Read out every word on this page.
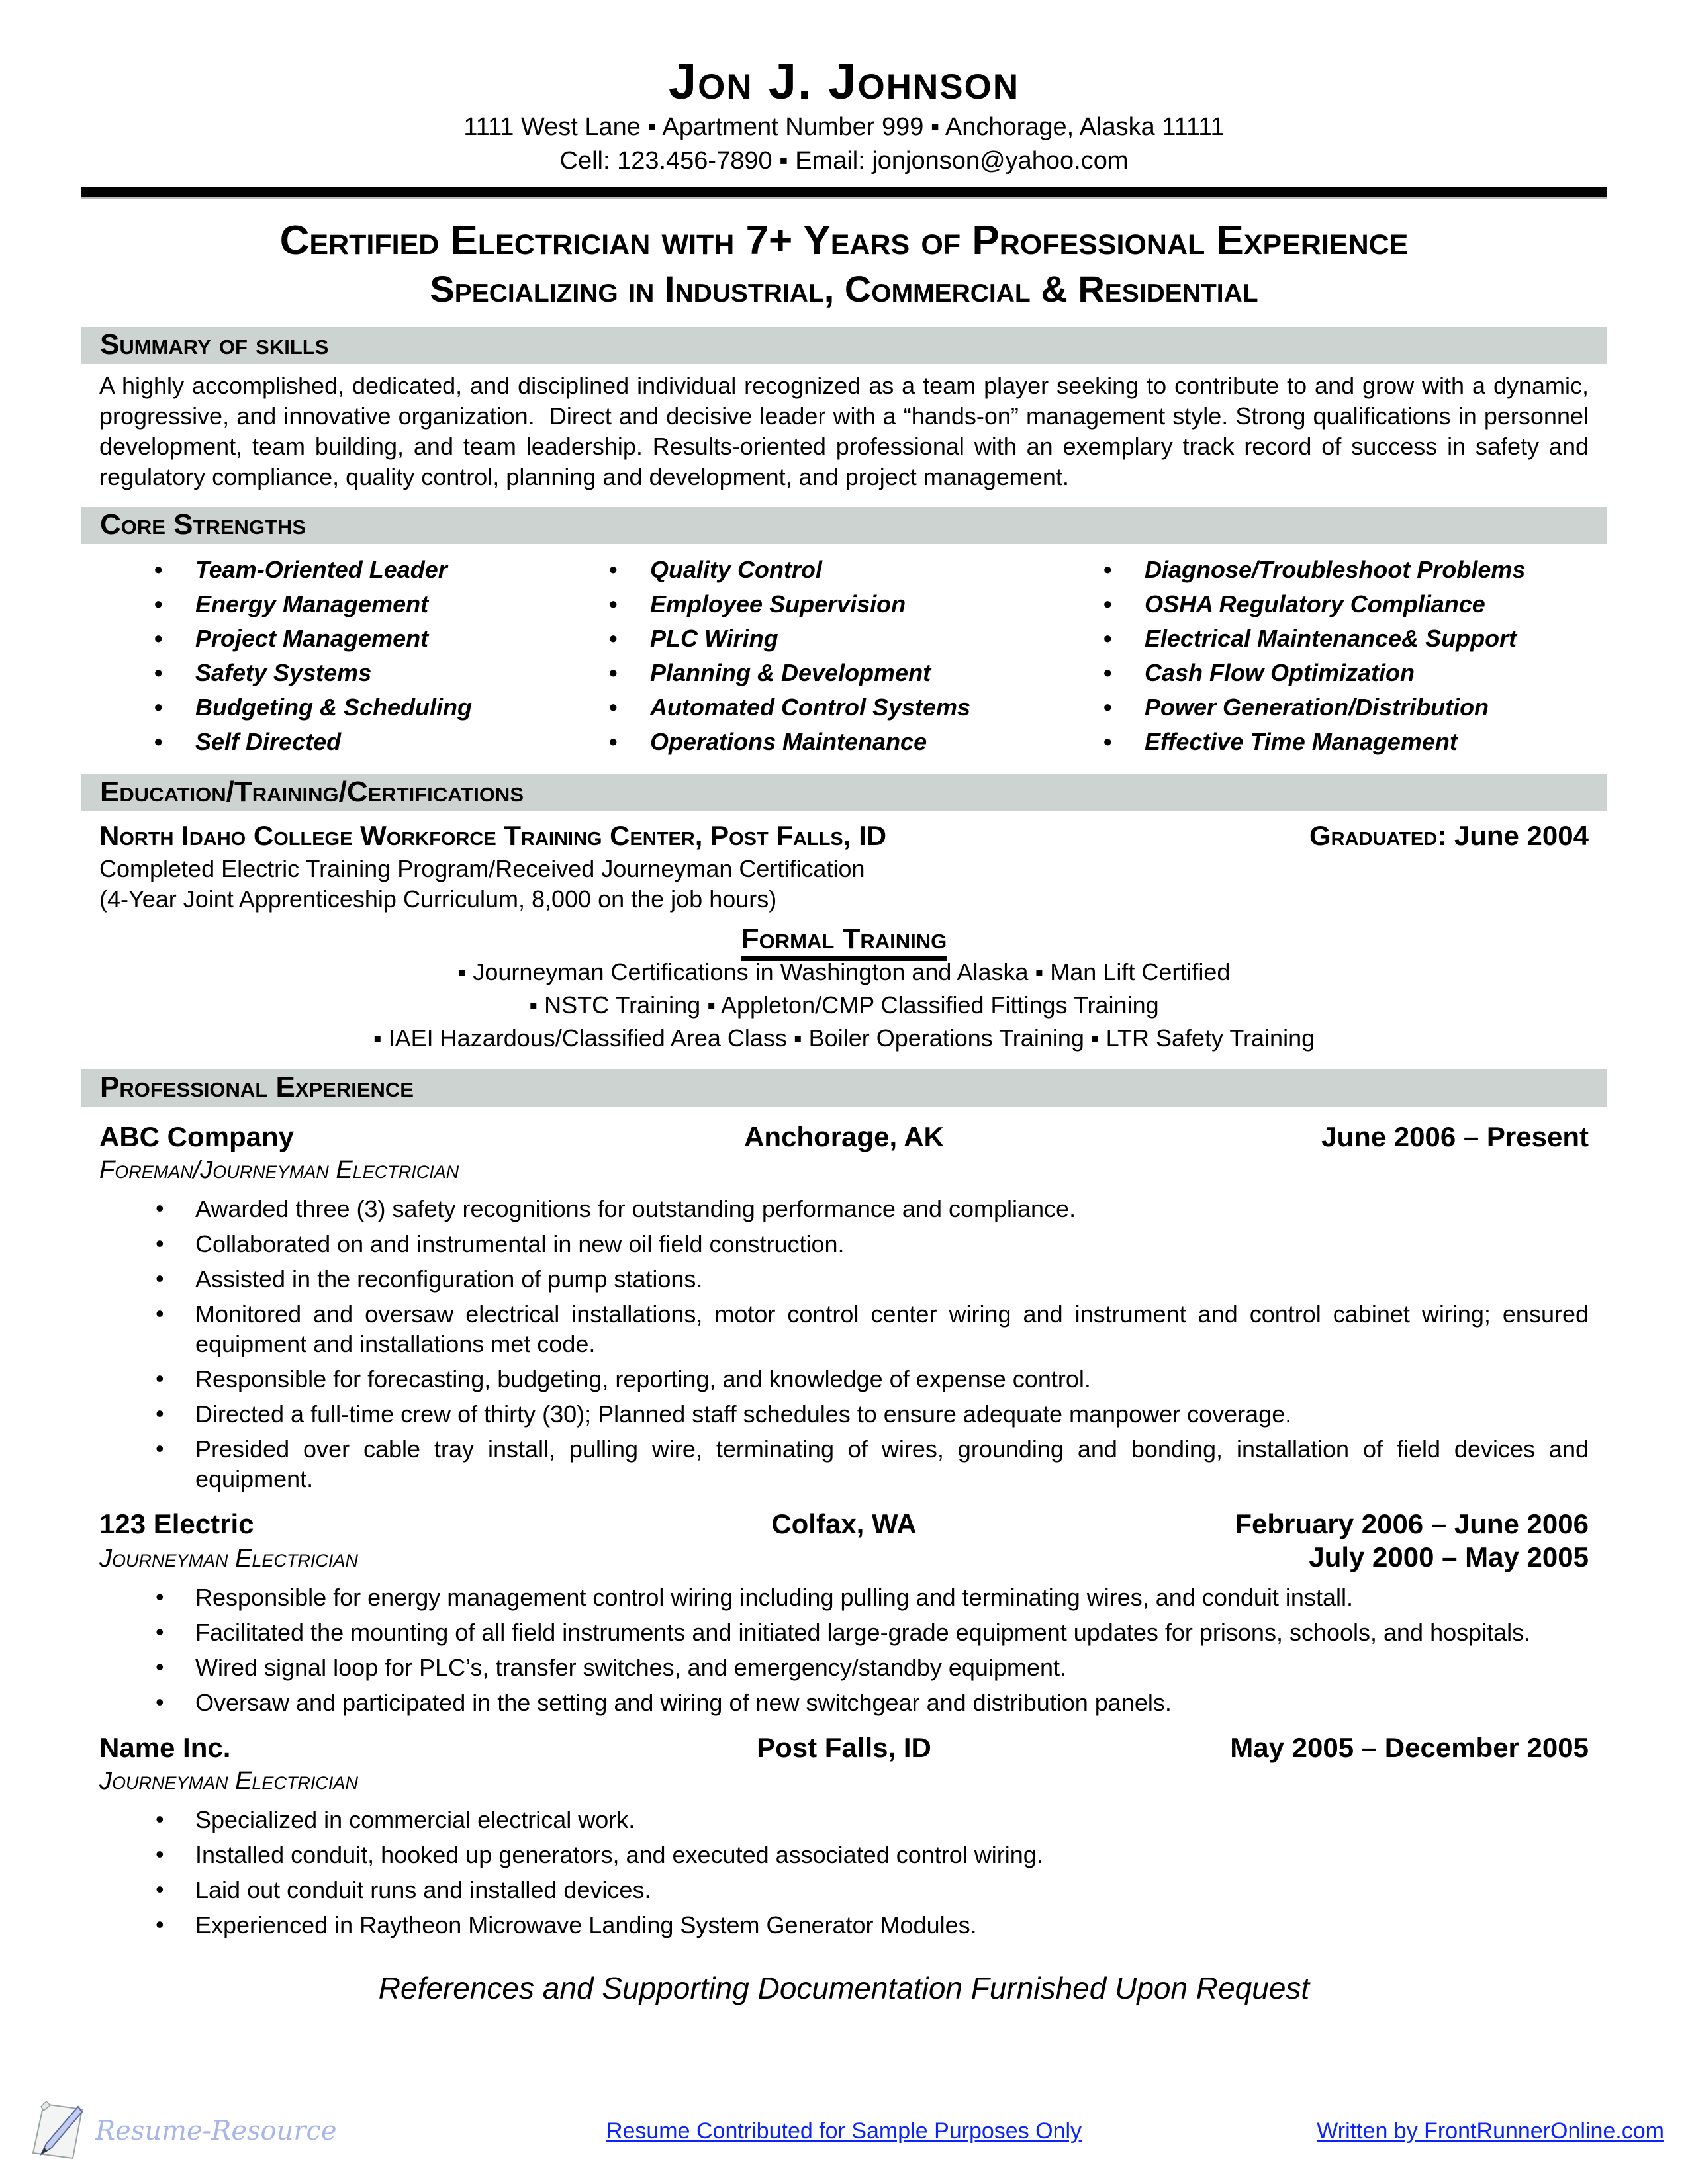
Jon J. Johnson
1111 West Lane ▪ Apartment Number 999 ▪ Anchorage, Alaska 11111
Cell: 123.456-7890 ▪ Email: jonjonson@yahoo.com
Certified Electrician with 7+ Years of Professional Experience
Specializing in Industrial, Commercial & Residential
Summary of skills

A highly accomplished, dedicated, and disciplined individual recognized as a team player seeking to contribute to and grow with a dynamic, progressive, and innovative organization.  Direct and decisive leader with a “hands-on” management style. Strong qualifications in personnel development, team building, and team leadership. Results-oriented professional with an exemplary track record of success in safety and regulatory compliance, quality control, planning and development, and project management.

Core Strengths
• Team-Oriented Leader
• Energy Management
• Project Management
• Safety Systems
• Budgeting & Scheduling
• Self Directed
• Quality Control
• Employee Supervision
• PLC Wiring
• Planning & Development
• Automated Control Systems
• Operations Maintenance
• Diagnose/Troubleshoot Problems
• OSHA Regulatory Compliance
• Electrical Maintenance& Support
• Cash Flow Optimization
• Power Generation/Distribution
• Effective Time Management
Education/Training/Certifications
North Idaho College Workforce Training Center, Post Falls, ID	Graduated: June 2004
Completed Electric Training Program/Received Journeyman Certification
(4-Year Joint Apprenticeship Curriculum, 8,000 on the job hours)
Formal Training
▪ Journeyman Certifications in Washington and Alaska ▪ Man Lift Certified
▪ NSTC Training ▪ Appleton/CMP Classified Fittings Training
▪ IAEI Hazardous/Classified Area Class ▪ Boiler Operations Training ▪ LTR Safety Training
Professional Experience
ABC Company	Anchorage, AK	June 2006 – Present
Foreman/Journeyman Electrician
• Awarded three (3) safety recognitions for outstanding performance and compliance.
• Collaborated on and instrumental in new oil field construction.
• Assisted in the reconfiguration of pump stations.
• Monitored and oversaw electrical installations, motor control center wiring and instrument and control cabinet wiring; ensured equipment and installations met code.
• Responsible for forecasting, budgeting, reporting, and knowledge of expense control.
• Directed a full-time crew of thirty (30); Planned staff schedules to ensure adequate manpower coverage.
• Presided over cable tray install, pulling wire, terminating of wires, grounding and bonding, installation of field devices and equipment.
123 Electric	Colfax, WA	February 2006 – June 2006
Journeyman Electrician	July 2000 – May 2005
• Responsible for energy management control wiring including pulling and terminating wires, and conduit install.
• Facilitated the mounting of all field instruments and initiated large-grade equipment updates for prisons, schools, and hospitals.
• Wired signal loop for PLC’s, transfer switches, and emergency/standby equipment.
• Oversaw and participated in the setting and wiring of new switchgear and distribution panels.
Name Inc.	Post Falls, ID	May 2005 – December 2005
Journeyman Electrician
• Specialized in commercial electrical work.
• Installed conduit, hooked up generators, and executed associated control wiring.
• Laid out conduit runs and installed devices.
• Experienced in Raytheon Microwave Landing System Generator Modules.
References and Supporting Documentation Furnished Upon Request
Resume-Resource	Resume Contributed for Sample Purposes Only	Written by FrontRunnerOnline.com
